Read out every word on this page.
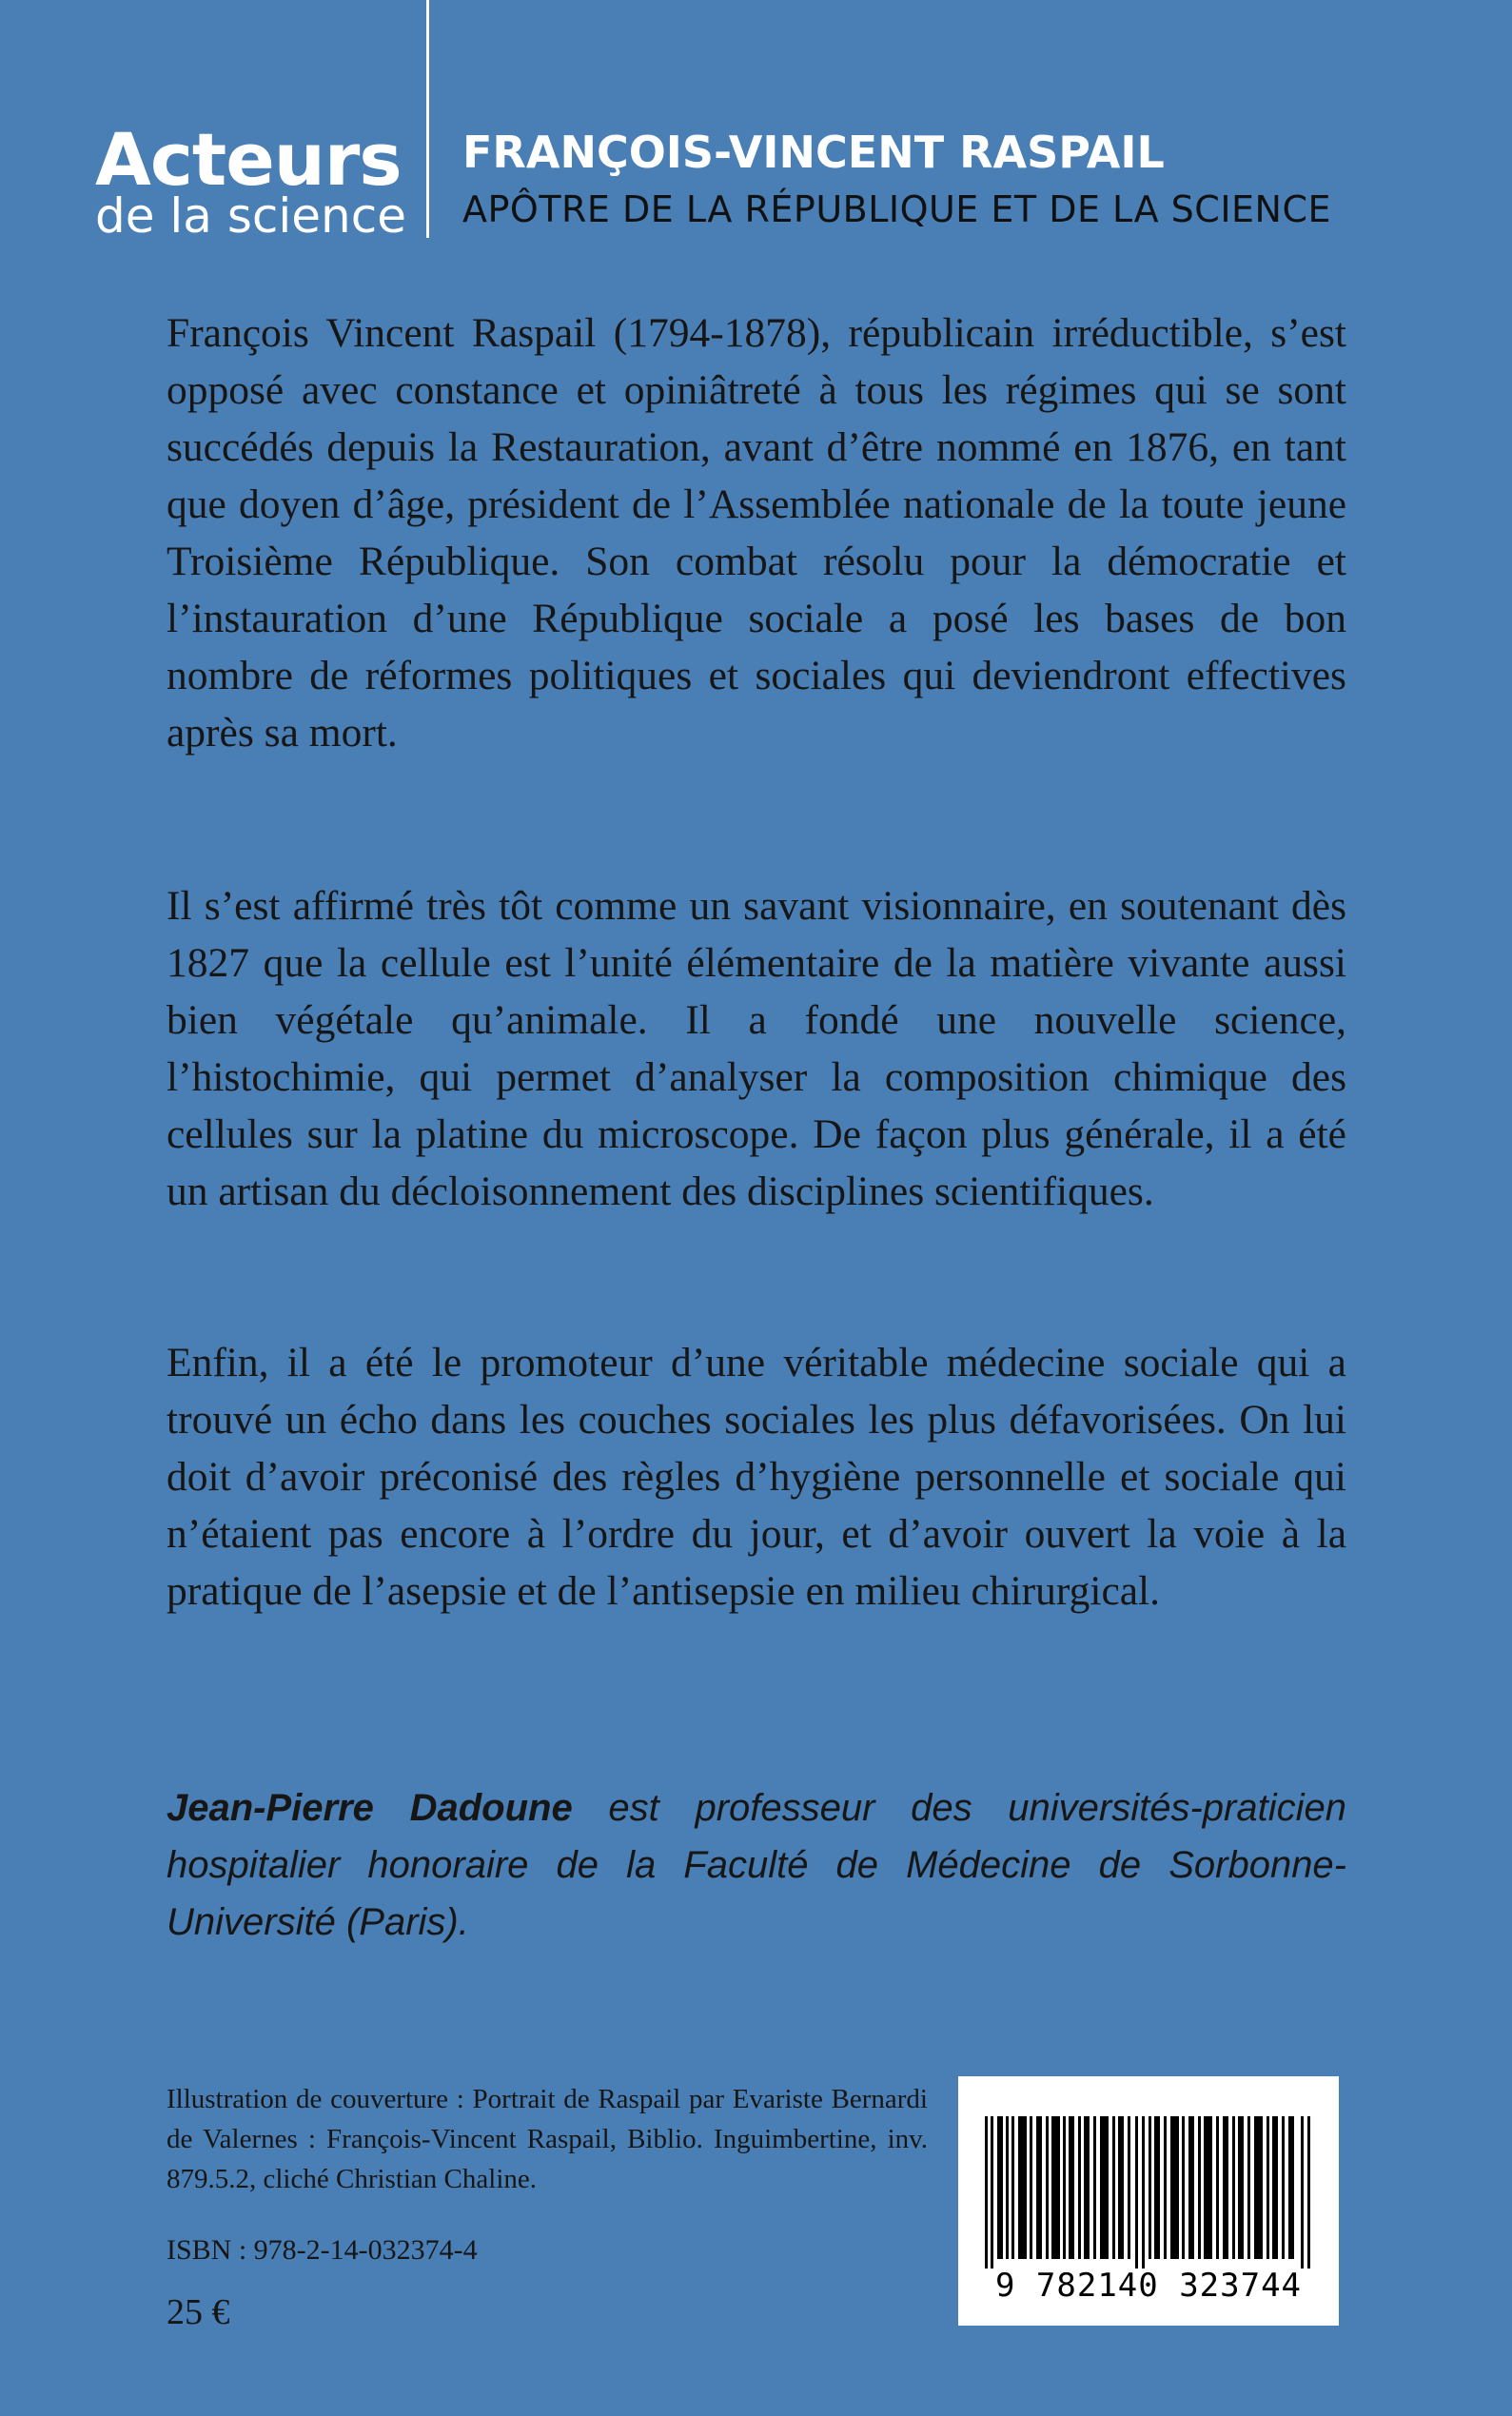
Acteurs
de la science
FRANÇOIS-VINCENT RASPAIL
APÔTRE DE LA RÉPUBLIQUE ET DE LA SCIENCE

François Vincent Raspail (1794-1878), républicain irréductible, s’est opposé avec constance et opiniâtreté à tous les régimes qui se sont succédés depuis la Restauration, avant d’être nommé en 1876, en tant que doyen d’âge, président de l’Assemblée nationale de la toute jeune Troisième République. Son combat résolu pour la démocratie et l’instauration d’une République sociale a posé les bases de bon nombre de réformes politiques et sociales qui deviendront effectives après sa mort.

Il s’est affirmé très tôt comme un savant visionnaire, en soutenant dès 1827 que la cellule est l’unité élémentaire de la matière vivante aussi bien végétale qu’animale. Il a fondé une nouvelle science, l’histochimie, qui permet d’analyser la composition chimique des cellules sur la platine du microscope. De façon plus générale, il a été un artisan du décloisonnement des disciplines scientifiques.

Enfin, il a été le promoteur d’une véritable médecine sociale qui a trouvé un écho dans les couches sociales les plus défavorisées. On lui doit d’avoir préconisé des règles d’hygiène personnelle et sociale qui n’étaient pas encore à l’ordre du jour, et d’avoir ouvert la voie à la pratique de l’asepsie et de l’antisepsie en milieu chirurgical.

Jean-Pierre Dadoune est professeur des universités-praticien hospitalier honoraire de la Faculté de Médecine de Sorbonne-Université (Paris).

Illustration de couverture : Portrait de Raspail par Evariste Bernardi de Valernes : François-Vincent Raspail, Biblio. Inguimbertine, inv. 879.5.2, cliché Christian Chaline.

ISBN : 978-2-14-032374-4
25 €
9 782140 323744
